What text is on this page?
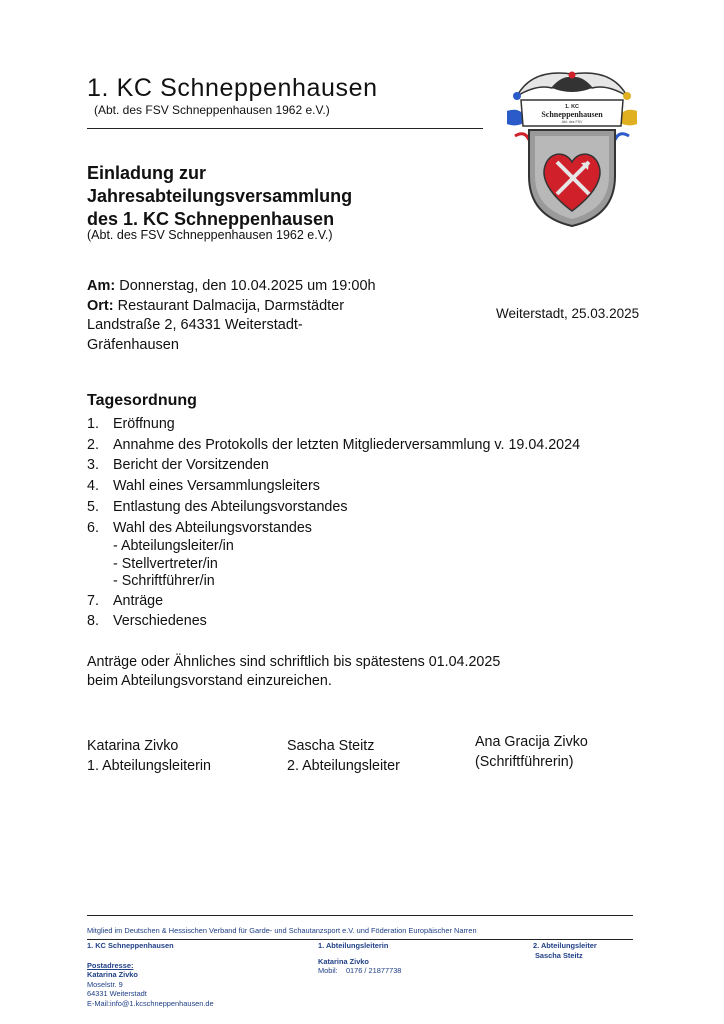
1. KC Schneppenhausen
(Abt. des FSV Schneppenhausen 1962 e.V.)	1. KC
Schneppenhausen
Abt. des FSV
Einladung zur
Jahresabteilungsversammlung
des 1. KC Schneppenhausen
(Abt. des FSV Schneppenhausen 1962 e.V.)
Am: Donnerstag, den 10.04.2025 um 19:00h
Ort: Restaurant Dalmacija, Darmstädter
Landstraße 2, 64331 Weiterstadt-
Gräfenhausen
Weiterstadt, 25.03.2025
Tagesordnung
1. Eröffnung
2. Annahme des Protokolls der letzten Mitgliederversammlung v. 19.04.2024
3. Bericht der Vorsitzenden
4. Wahl eines Versammlungsleiters
5. Entlastung des Abteilungsvorstandes
6. Wahl des Abteilungsvorstandes
- Abteilungsleiter/in
- Stellvertreter/in
- Schriftführer/in
7. Anträge
8. Verschiedenes
Anträge oder Ähnliches sind schriftlich bis spätestens 01.04.2025
beim Abteilungsvorstand einzureichen.
Katarina Zivko
1. Abteilungsleiterin
Sascha Steitz
2. Abteilungsleiter
Ana Gracija Zivko
(Schriftführerin)
Mitglied im Deutschen & Hessischen Verband für Garde- und Schautanzsport e.V. und Föderation Europäischer Narren
1. KC Schneppenhausen
Postadresse:
Katarina Zivko
Moselstr. 9
64331 Weiterstadt
E-Mail:info@1.kcschneppenhausen.de
1. Abteilungsleiterin
Katarina Zivko
Mobil: 0176 / 21877738
2. Abteilungsleiter
Sascha Steitz
